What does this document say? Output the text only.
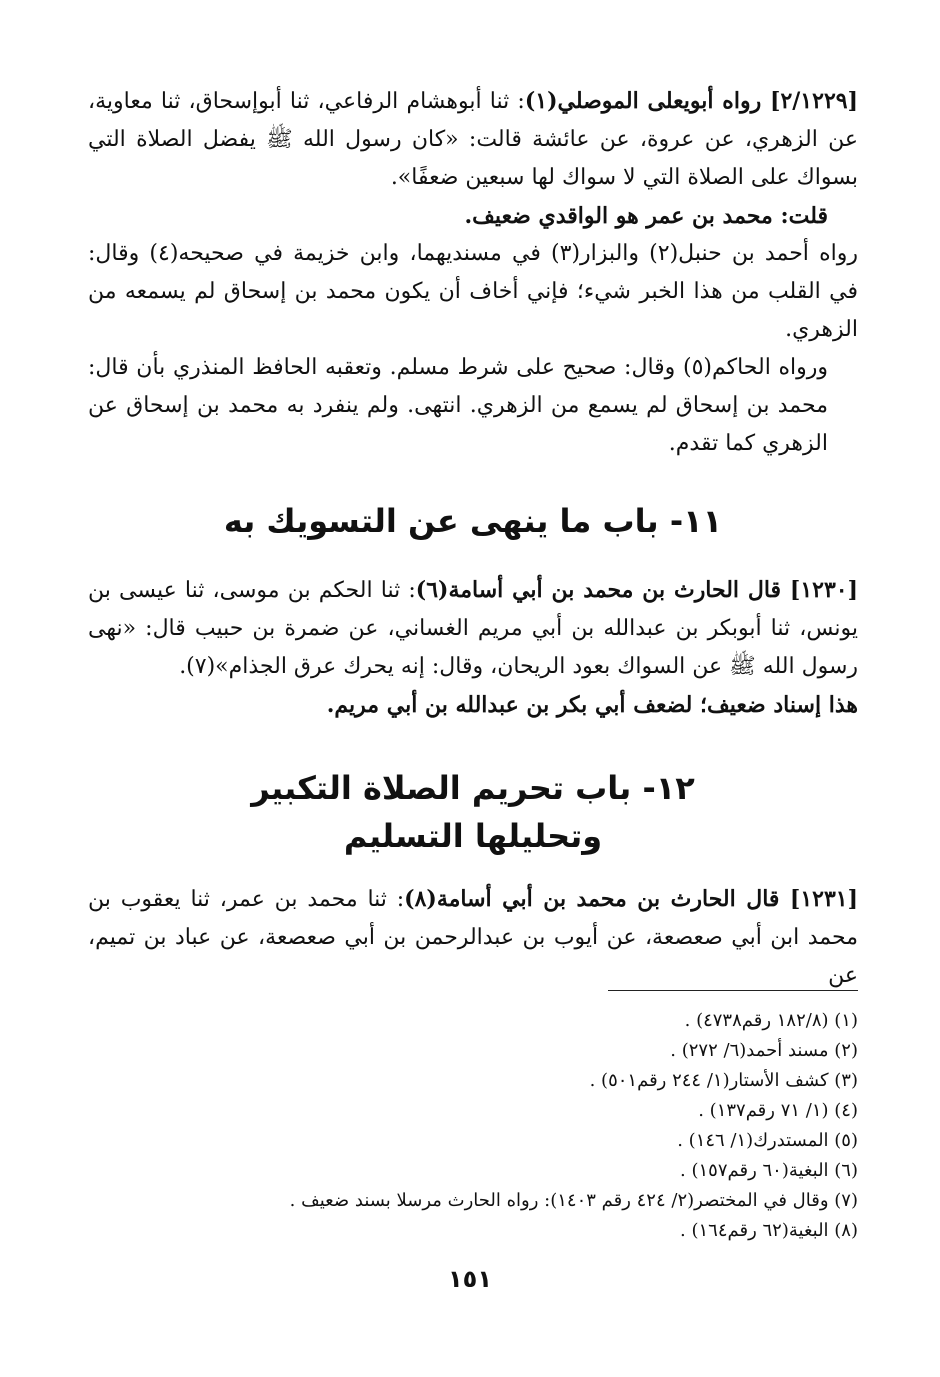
[٢/١٢٢٩] رواه أبويعلى الموصلي(١): ثنا أبوهشام الرفاعي، ثنا أبوإسحاق، ثنا معاوية، عن الزهري، عن عروة، عن عائشة قالت: «كان رسول الله ﷺ يفضل الصلاة التي بسواك على الصلاة التي لا سواك لها سبعين ضعفًا».

قلت: محمد بن عمر هو الواقدي ضعيف.

رواه أحمد بن حنبل(٢) والبزار(٣) في مسنديهما، وابن خزيمة في صحيحه(٤) وقال: في القلب من هذا الخبر شيء؛ فإني أخاف أن يكون محمد بن إسحاق لم يسمعه من الزهري.

ورواه الحاكم(٥) وقال: صحيح على شرط مسلم. وتعقبه الحافظ المنذري بأن قال: محمد بن إسحاق لم يسمع من الزهري. انتهى. ولم ينفرد به محمد بن إسحاق عن الزهري كما تقدم.

١١- باب ما ينهى عن التسويك به

[١٢٣٠] قال الحارث بن محمد بن أبي أسامة(٦): ثنا الحكم بن موسى، ثنا عيسى بن يونس، ثنا أبوبكر بن عبدالله بن أبي مريم الغساني، عن ضمرة بن حبيب قال: «نهى رسول الله ﷺ عن السواك بعود الريحان، وقال: إنه يحرك عرق الجذام»(٧).

هذا إسناد ضعيف؛ لضعف أبي بكر بن عبدالله بن أبي مريم.

١٢- باب تحريم الصلاة التكبير
وتحليلها التسليم

[١٢٣١] قال الحارث بن محمد بن أبي أسامة(٨): ثنا محمد بن عمر، ثنا يعقوب بن محمد ابن أبي صعصعة، عن أيوب بن عبدالرحمن بن أبي صعصعة، عن عباد بن تميم، عن

(١) (١٨٢/٨ رقم٤٧٣٨) .
(٢) مسند أحمد(٦/ ٢٧٢) .
(٣) كشف الأستار(١/ ٢٤٤ رقم٥٠١) .
(٤) (١/ ٧١ رقم١٣٧) .
(٥) المستدرك(١/ ١٤٦) .
(٦) البغية(٦٠ رقم١٥٧) .
(٧) وقال في المختصر(٢/ ٤٢٤ رقم ١٤٠٣): رواه الحارث مرسلا بسند ضعيف .
(٨) البغية(٦٢ رقم١٦٤) .
١٥١
